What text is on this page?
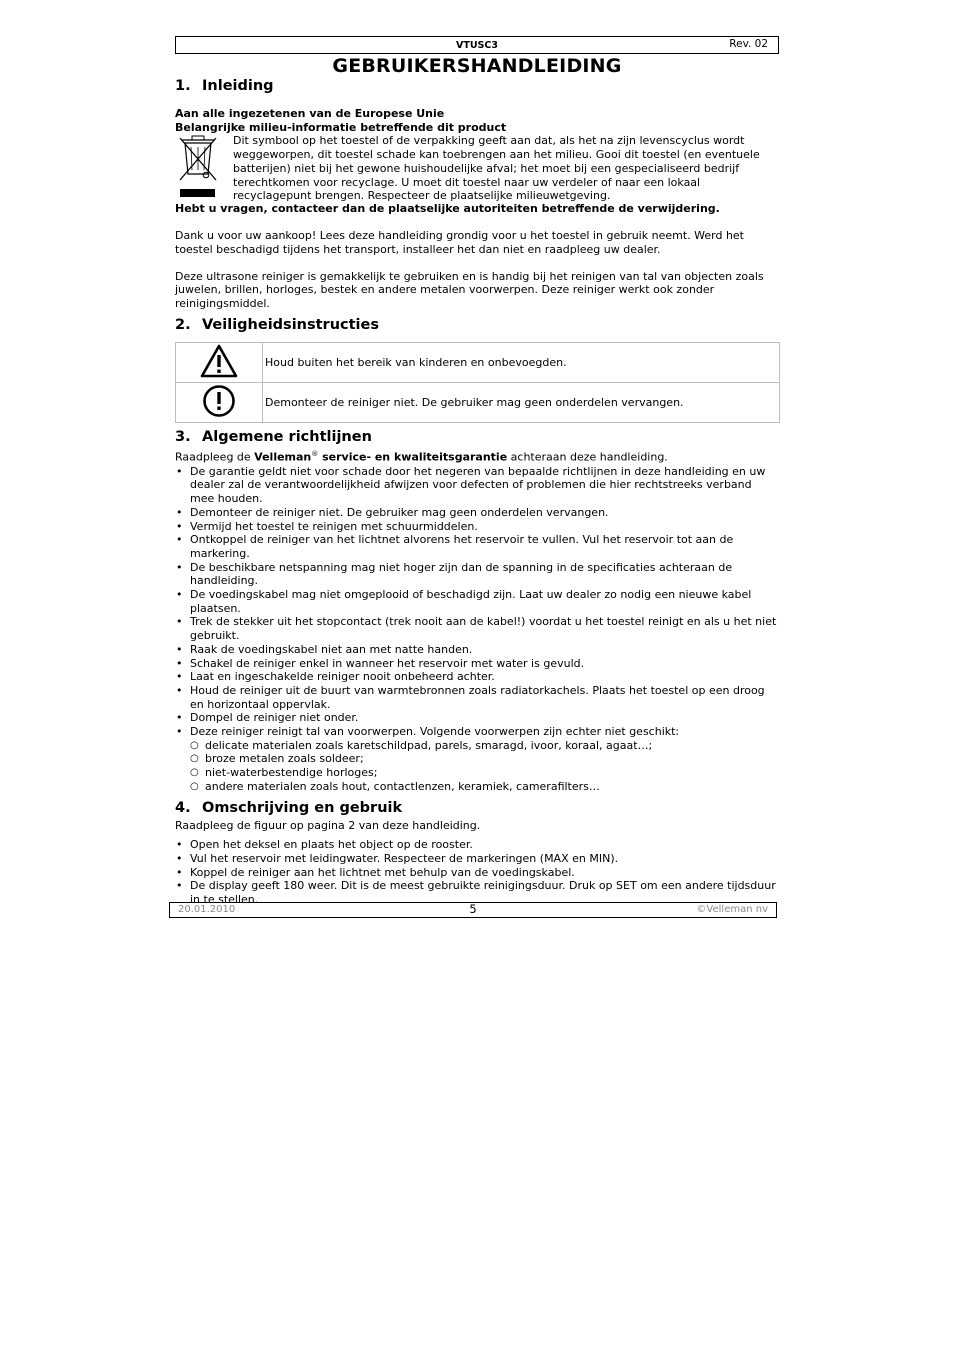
VTUSC3	Rev. 02
GEBRUIKERSHANDLEIDING
1. Inleiding

Aan alle ingezetenen van de Europese Unie

Belangrijke milieu-informatie betreffende dit product

Dit symbool op het toestel of de verpakking geeft aan dat, als het na zijn levenscyclus wordt weggeworpen, dit toestel schade kan toebrengen aan het milieu. Gooi dit toestel (en eventuele batterijen) niet bij het gewone huishoudelijke afval; het moet bij een gespecialiseerd bedrijf terechtkomen voor recyclage. U moet dit toestel naar uw verdeler of naar een lokaal recyclagepunt brengen. Respecteer de plaatselijke milieuwetgeving.

Hebt u vragen, contacteer dan de plaatselijke autoriteiten betreffende de verwijdering.

Dank u voor uw aankoop! Lees deze handleiding grondig voor u het toestel in gebruik neemt. Werd het toestel beschadigd tijdens het transport, installeer het dan niet en raadpleeg uw dealer.

Deze ultrasone reiniger is gemakkelijk te gebruiken en is handig bij het reinigen van tal van objecten zoals juwelen, brillen, horloges, bestek en andere metalen voorwerpen. Deze reiniger werkt ook zonder reinigingsmiddel.

2. Veiligheidsinstructies
	Houd buiten het bereik van kinderen en onbevoegden.
	Demonteer de reiniger niet. De gebruiker mag geen onderdelen vervangen.
3. Algemene richtlijnen

Raadpleeg de Velleman® service- en kwaliteitsgarantie achteraan deze handleiding.

• De garantie geldt niet voor schade door het negeren van bepaalde richtlijnen in deze handleiding en uw dealer zal de verantwoordelijkheid afwijzen voor defecten of problemen die hier rechtstreeks verband mee houden.
• Demonteer de reiniger niet. De gebruiker mag geen onderdelen vervangen.
• Vermijd het toestel te reinigen met schuurmiddelen.
• Ontkoppel de reiniger van het lichtnet alvorens het reservoir te vullen. Vul het reservoir tot aan de markering.
• De beschikbare netspanning mag niet hoger zijn dan de spanning in de specificaties achteraan de handleiding.
• De voedingskabel mag niet omgeplooid of beschadigd zijn. Laat uw dealer zo nodig een nieuwe kabel plaatsen.
• Trek de stekker uit het stopcontact (trek nooit aan de kabel!) voordat u het toestel reinigt en als u het niet gebruikt.
• Raak de voedingskabel niet aan met natte handen.
• Schakel de reiniger enkel in wanneer het reservoir met water is gevuld.
• Laat en ingeschakelde reiniger nooit onbeheerd achter.
• Houd de reiniger uit de buurt van warmtebronnen zoals radiatorkachels. Plaats het toestel op een droog en horizontaal oppervlak.
• Dompel de reiniger niet onder.
• Deze reiniger reinigt tal van voorwerpen. Volgende voorwerpen zijn echter niet geschikt:
○ delicate materialen zoals karetschildpad, parels, smaragd, ivoor, koraal, agaat…;
○ broze metalen zoals soldeer;
○ niet-waterbestendige horloges;
○ andere materialen zoals hout, contactlenzen, keramiek, camerafilters…
4. Omschrijving en gebruik

Raadpleeg de figuur op pagina 2 van deze handleiding.

• Open het deksel en plaats het object op de rooster.
• Vul het reservoir met leidingwater. Respecteer de markeringen (MAX en MIN).
• Koppel de reiniger aan het lichtnet met behulp van de voedingskabel.
• De display geeft 180 weer. Dit is de meest gebruikte reinigingsduur. Druk op SET om een andere tijdsduur in te stellen.
20.01.2010	5	©Velleman nv
